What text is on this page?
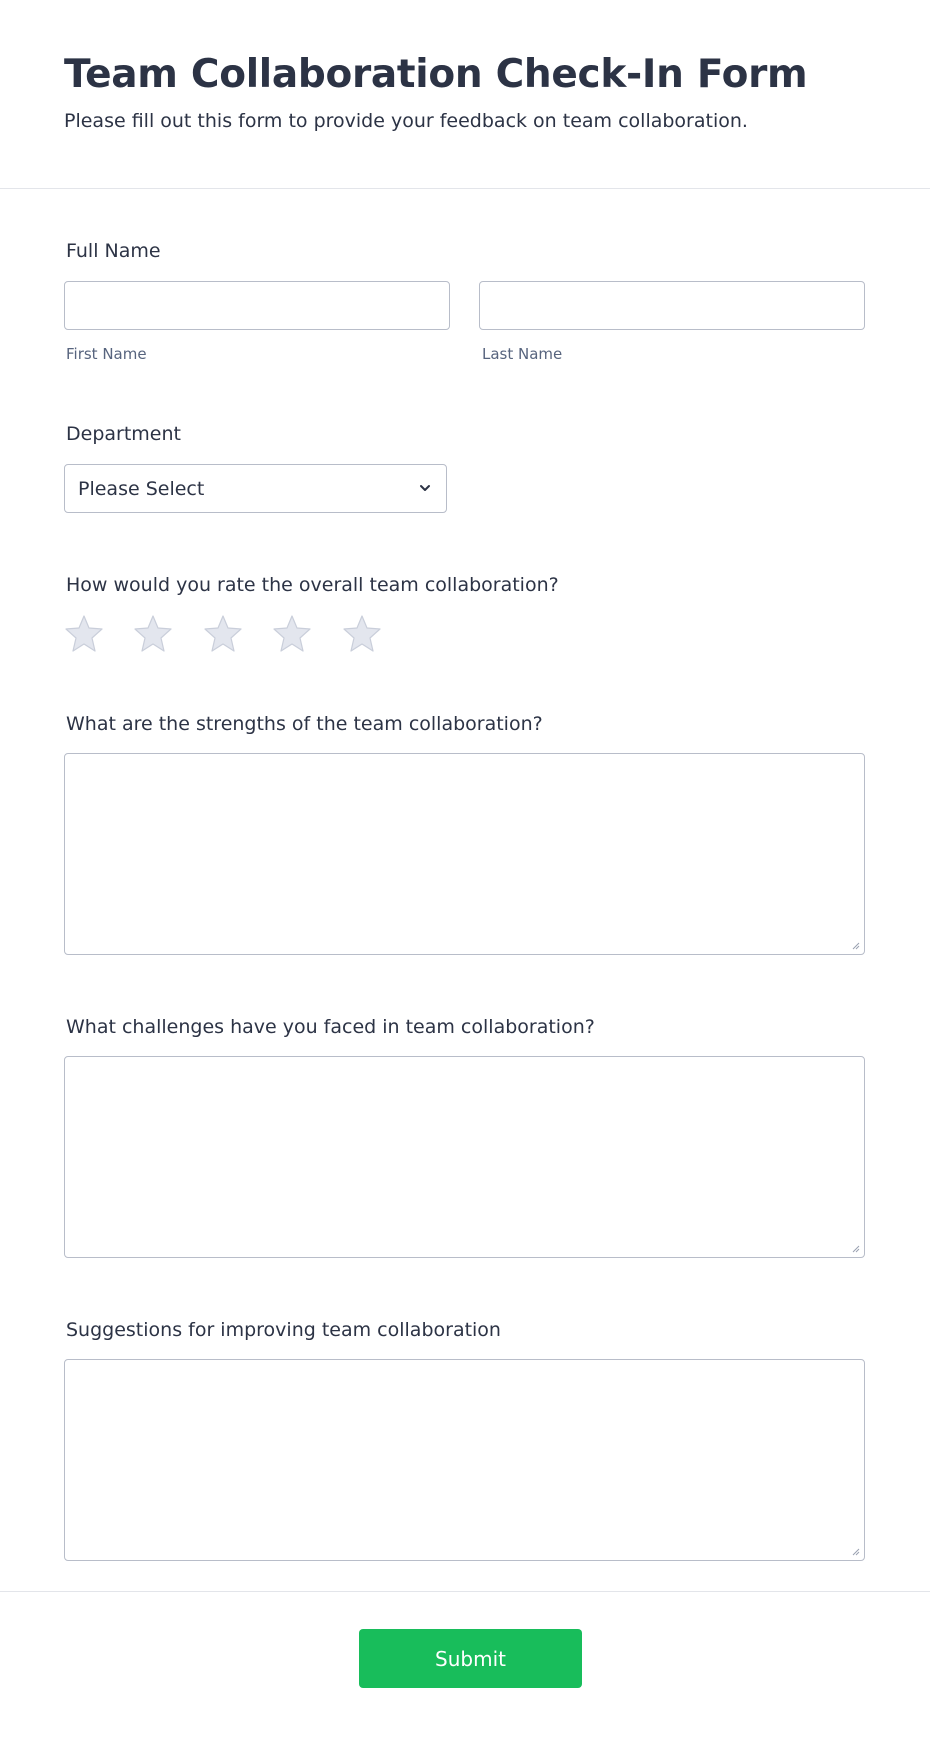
Team Collaboration Check-In Form
Please fill out this form to provide your feedback on team collaboration.
Full Name
First Name	Last Name
Department
Please Select
How would you rate the overall team collaboration?
What are the strengths of the team collaboration?
What challenges have you faced in team collaboration?
Suggestions for improving team collaboration
Submit
